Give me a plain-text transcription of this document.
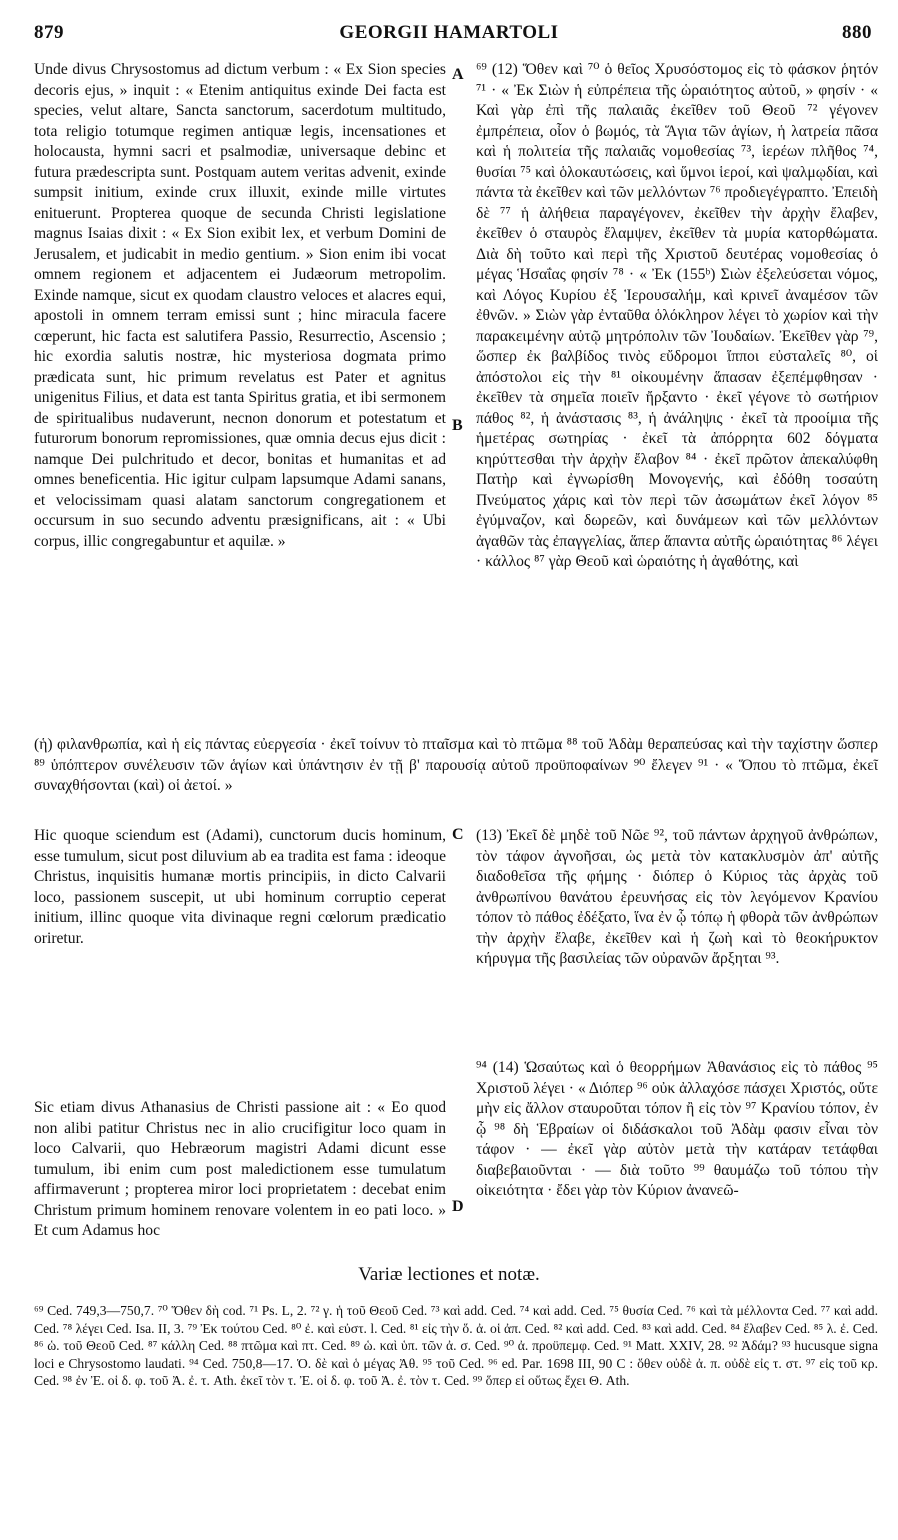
879	GEORGII HAMARTOLI	880

Unde divus Chrysostomus ad dictum verbum : « Ex Sion species decoris ejus, » inquit : « Etenim antiquitus exinde Dei facta est species, velut altare, Sancta sanctorum, sacerdotum multitudo, tota religio totumque regimen antiquæ legis, incensationes et holocausta, hymni sacri et psalmodiæ, universaque debinc et futura prædescripta sunt. Postquam autem veritas advenit, exinde sumpsit initium, exinde crux illuxit, exinde mille virtutes enituerunt. Propterea quoque de secunda Christi legislatione magnus Isaias dixit : « Ex Sion exibit lex, et verbum Domini de Jerusalem, et judicabit in medio gentium. » Sion enim ibi vocat omnem regionem et adjacentem ei Judæorum metropolim. Exinde namque, sicut ex quodam claustro veloces et alacres equi, apostoli in omnem terram emissi sunt ; hinc miracula facere cœperunt, hic facta est salutifera Passio, Resurrectio, Ascensio ; hic exordia salutis nostræ, hic mysteriosa dogmata primo prædicata sunt, hic primum revelatus est Pater et agnitus unigenitus Filius, et data est tanta Spiritus gratia, et ibi sermonem de spiritualibus nudaverunt, necnon donorum et potestatum et futurorum bonorum repromissiones, quæ omnia decus ejus dicit : namque Dei pulchritudo et decor, bonitas et humanitas et ad omnes beneficentia. Hic igitur culpam lapsumque Adami sanans, et velocissimam quasi alatam sanctorum congregationem et occursum in suo secundo adventu præsignificans, ait : « Ubi corpus, illic congregabuntur et aquilæ. »

⁶⁹ (12) Ὅθεν καὶ ⁷⁰ ὁ θεῖος Χρυσόστομος εἰς τὸ φάσκον ῥητόν ⁷¹ · « Ἐκ Σιὼν ἡ εὐπρέπεια τῆς ὡραιότητος αὐτοῦ, » φησίν · « Καὶ γὰρ ἐπὶ τῆς παλαιᾶς ἐκεῖθεν τοῦ Θεοῦ ⁷² γέγονεν ἐμπρέπεια, οἷον ὁ βωμός, τὰ Ἅγια τῶν ἁγίων, ἡ λατρεία πᾶσα καὶ ἡ πολιτεία τῆς παλαιᾶς νομοθεσίας ⁷³, ἱερέων πλῆθος ⁷⁴, θυσίαι ⁷⁵ καὶ ὁλοκαυτώσεις, καὶ ὕμνοι ἱεροί, καὶ ψαλμῳδίαι, καὶ πάντα τὰ ἐκεῖθεν καὶ τῶν μελλόντων ⁷⁶ προδιεγέγραπτο. Ἐπειδὴ δὲ ⁷⁷ ἡ ἀλήθεια παραγέγονεν, ἐκεῖθεν τὴν ἀρχὴν ἔλαβεν, ἐκεῖθεν ὁ σταυρὸς ἔλαμψεν, ἐκεῖθεν τὰ μυρία κατορθώματα. Διὰ δὴ τοῦτο καὶ περὶ τῆς Χριστοῦ δευτέρας νομοθεσίας ὁ μέγας Ἡσαΐας φησίν ⁷⁸ · « Ἐκ (155ᵇ) Σιὼν ἐξελεύσεται νόμος, καὶ Λόγος Κυρίου ἐξ Ἱερουσαλήμ, καὶ κρινεῖ ἀναμέσον τῶν ἐθνῶν. » Σιὼν γὰρ ἐνταῦθα ὁλόκληρον λέγει τὸ χωρίον καὶ τὴν παρακειμένην αὐτῷ μητρόπολιν τῶν Ἰουδαίων. Ἐκεῖθεν γὰρ ⁷⁹, ὥσπερ ἐκ βαλβίδος τινὸς εὔδρομοι ἵπποι εὐσταλεῖς ⁸⁰, οἱ ἀπόστολοι εἰς τὴν ⁸¹ οἰκουμένην ἅπασαν ἐξεπέμφθησαν · ἐκεῖθεν τὰ σημεῖα ποιεῖν ἤρξαντο · ἐκεῖ γέγονε τὸ σωτήριον πάθος ⁸², ἡ ἀνάστασις ⁸³, ἡ ἀνάληψις · ἐκεῖ τὰ προοίμια τῆς ἡμετέρας σωτηρίας · ἐκεῖ τὰ ἀπόρρητα 602 δόγματα κηρύττεσθαι τὴν ἀρχὴν ἔλαβον ⁸⁴ · ἐκεῖ πρῶτον ἀπεκαλύφθη Πατὴρ καὶ ἐγνωρίσθη Μονογενής, καὶ ἐδόθη τοσαύτη Πνεύματος χάρις καὶ τὸν περὶ τῶν ἀσωμάτων ἐκεῖ λόγον ⁸⁵ ἐγύμναζον, καὶ δωρεῶν, καὶ δυνάμεων καὶ τῶν μελλόντων ἀγαθῶν τὰς ἐπαγγελίας, ἅπερ ἅπαντα αὐτῆς ὡραιότητας ⁸⁶ λέγει · κάλλος ⁸⁷ γὰρ Θεοῦ καὶ ὡραιότης ἡ ἀγαθότης, καὶ

A
B
C
D
(ἡ) φιλανθρωπία, καὶ ἡ εἰς πάντας εὐεργεσία · ἐκεῖ τοίνυν τὸ πταῖσμα καὶ τὸ πτῶμα ⁸⁸ τοῦ Ἀδὰμ θεραπεύσας καὶ τὴν ταχίστην ὥσπερ ⁸⁹ ὑπόπτερον συνέλευσιν τῶν ἁγίων καὶ ὑπάντησιν ἐν τῇ β' παρουσίᾳ αὐτοῦ προϋποφαίνων ⁹⁰ ἔλεγεν ⁹¹ · « Ὅπου τὸ πτῶμα, ἐκεῖ συναχθήσονται (καὶ) οἱ ἀετοί. »
Hic quoque sciendum est (Adami), cunctorum ducis hominum, esse tumulum, sicut post diluvium ab ea tradita est fama : ideoque Christus, inquisitis humanæ mortis principiis, in dicto Calvarii loco, passionem suscepit, ut ubi hominum corruptio ceperat initium, illinc quoque vita divinaque regni cœlorum prædicatio oriretur.
(13) Ἐκεῖ δὲ μηδὲ τοῦ Νῶε ⁹², τοῦ πάντων ἀρχηγοῦ ἀνθρώπων, τὸν τάφον ἀγνοῆσαι, ὡς μετὰ τὸν κατακλυσμὸν ἀπ' αὐτῆς διαδοθεῖσα τῆς φήμης · διόπερ ὁ Κύριος τὰς ἀρχὰς τοῦ ἀνθρωπίνου θανάτου ἐρευνήσας εἰς τὸν λεγόμενον Κρανίου τόπον τὸ πάθος ἐδέξατο, ἵνα ἐν ᾧ τόπῳ ἡ φθορὰ τῶν ἀνθρώπων τὴν ἀρχὴν ἔλαβε, ἐκεῖθεν καὶ ἡ ζωὴ καὶ τὸ θεοκήρυκτον κήρυγμα τῆς βασιλείας τῶν οὐρανῶν ἄρξηται ⁹³.
Sic etiam divus Athanasius de Christi passione ait : « Eo quod non alibi patitur Christus nec in alio crucifigitur loco quam in loco Calvarii, quo Hebræorum magistri Adami dicunt esse tumulum, ibi enim cum post maledictionem esse tumulatum affirmaverunt ; propterea miror loci proprietatem : decebat enim Christum primum hominem renovare volentem in eo pati loco. » Et cum Adamus hoc
⁹⁴ (14) Ὡσαύτως καὶ ὁ θεορρήμων Ἀθανάσιος εἰς τὸ πάθος ⁹⁵ Χριστοῦ λέγει · « Διόπερ ⁹⁶ οὐκ ἀλλαχόσε πάσχει Χριστός, οὔτε μὴν εἰς ἄλλον σταυροῦται τόπον ἢ εἰς τὸν ⁹⁷ Κρανίου τόπον, ἐν ᾧ ⁹⁸ δὴ Ἑβραίων οἱ διδάσκαλοι τοῦ Ἀδὰμ φασιν εἶναι τὸν τάφον · — ἐκεῖ γὰρ αὐτὸν μετὰ τὴν κατάραν τετάφθαι διαβεβαιοῦνται · — διὰ τοῦτο ⁹⁹ θαυμάζω τοῦ τόπου τὴν οἰκειότητα · ἔδει γὰρ τὸν Κύριον ἀνανεῶ-
Variæ lectiones et notæ.
⁶⁹ Ced. 749,3—750,7. ⁷⁰ Ὅθεν δὴ cod. ⁷¹ Ps. L, 2. ⁷² γ. ἡ τοῦ Θεοῦ Ced. ⁷³ καὶ add. Ced. ⁷⁴ καὶ add. Ced. ⁷⁵ θυσία Ced. ⁷⁶ καὶ τὰ μέλλοντα Ced. ⁷⁷ καὶ add. Ced. ⁷⁸ λέγει Ced. Isa. II, 3. ⁷⁹ Ἐκ τούτου Ced. ⁸⁰ ἐ. καὶ εὐστ. l. Ced. ⁸¹ εἰς τὴν ὅ. ἀ. οἱ ἀπ. Ced. ⁸² καὶ add. Ced. ⁸³ καὶ add. Ced. ⁸⁴ ἔλαβεν Ced. ⁸⁵ λ. ἐ. Ced. ⁸⁶ ὡ. τοῦ Θεοῦ Ced. ⁸⁷ κάλλη Ced. ⁸⁸ πτῶμα καὶ πτ. Ced. ⁸⁹ ὡ. καὶ ὑπ. τῶν ἀ. σ. Ced. ⁹⁰ ἀ. προϋπεμφ. Ced. ⁹¹ Matt. XXIV, 28. ⁹² Ἀδάμ? ⁹³ hucusque signa loci e Chrysostomo laudati. ⁹⁴ Ced. 750,8—17. Ὁ. δὲ καὶ ὁ μέγας Ἀθ. ⁹⁵ τοῦ Ced. ⁹⁶ ed. Par. 1698 III, 90 C : ὅθεν οὐδὲ ἀ. π. οὐδὲ εἰς τ. στ. ⁹⁷ εἰς τοῦ κρ. Ced. ⁹⁸ ἐν Ἐ. οἱ δ. φ. τοῦ Ἀ. ἐ. τ. Ath. ἐκεῖ τὸν τ. Ἐ. οἱ δ. φ. τοῦ Ἀ. ἐ. τὸν τ. Ced. ⁹⁹ ὅπερ εἰ οὕτως ἔχει Θ. Ath.
